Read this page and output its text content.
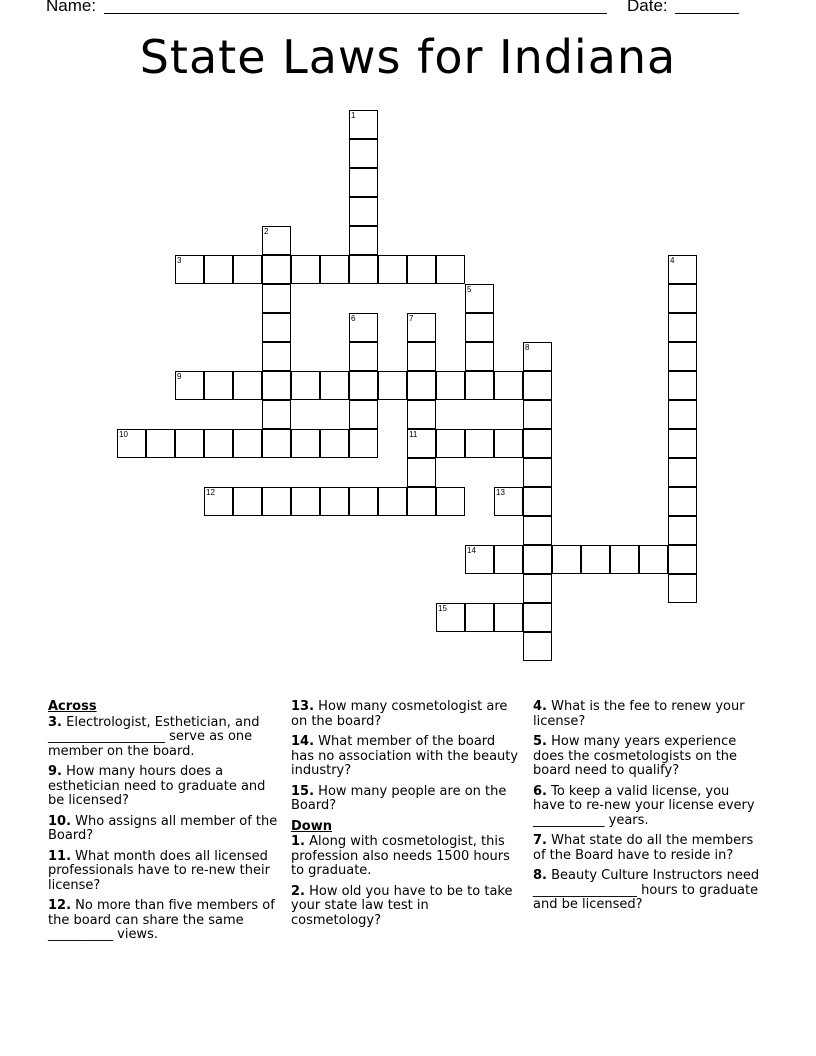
Name:	Date:
State Laws for Indiana
1
2
3	4
5
6	7
8
9
10	11
12	13
14
15
Across
3. Electrologist, Esthetician, and __________________ serve as one member on the board.
9. How many hours does a esthetician need to graduate and be licensed?
10. Who assigns all member of the Board?
11. What month does all licensed professionals have to re-new their license?
12. No more than five members of the board can share the same __________ views.
13. How many cosmetologist are on the board?
14. What member of the board has no association with the beauty industry?
15. How many people are on the Board?
Down
1. Along with cosmetologist, this profession also needs 1500 hours to graduate.
2. How old you have to be to take your state law test in cosmetology?
4. What is the fee to renew your license?
5. How many years experience does the cosmetologists on the board need to qualify?
6. To keep a valid license, you have to re-new your license every ___________ years.
7. What state do all the members of the Board have to reside in?
8. Beauty Culture Instructors need ________________ hours to graduate and be licensed?
